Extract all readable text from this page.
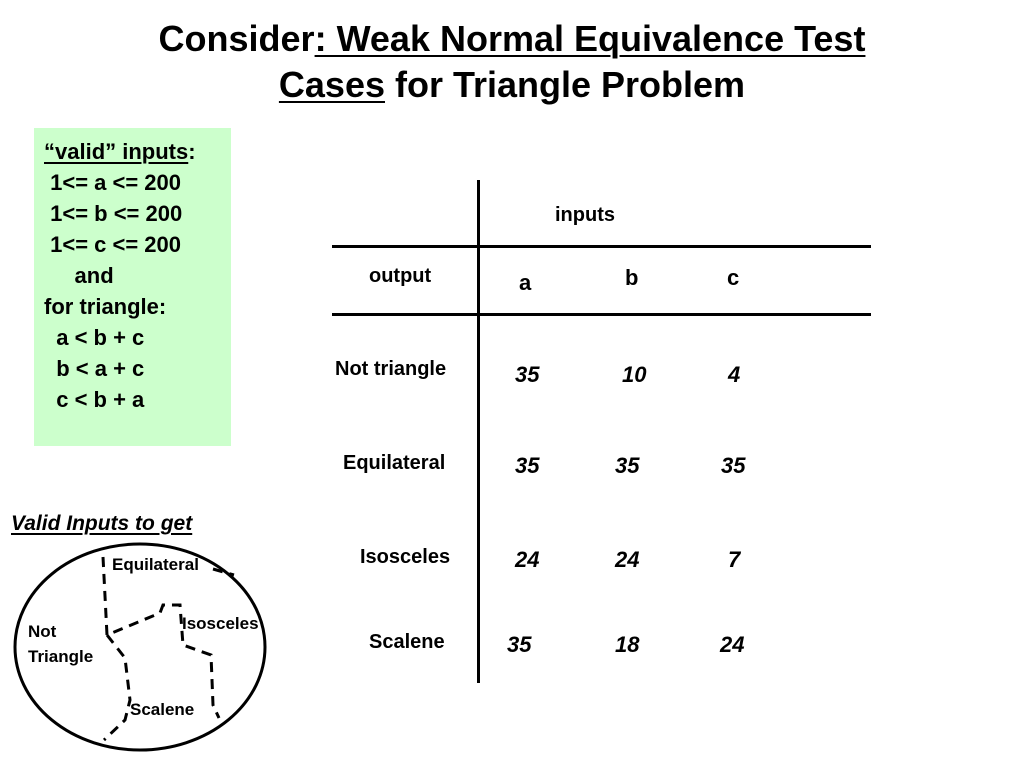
Consider: Weak Normal Equivalence Test
Cases for Triangle Problem
“valid” inputs:
1<= a <= 200
1<= b <= 200
1<= c <= 200
and
for triangle:
a < b + c
b < a + c
c < b + a
inputs
output	a	b	c
Not triangle	35	10	4
Equilateral	35	35	35
Isosceles	24	24	7
Scalene	35	18	24
Valid Inputs to get
Equilateral
Isosceles
Not
Triangle
Scalene
